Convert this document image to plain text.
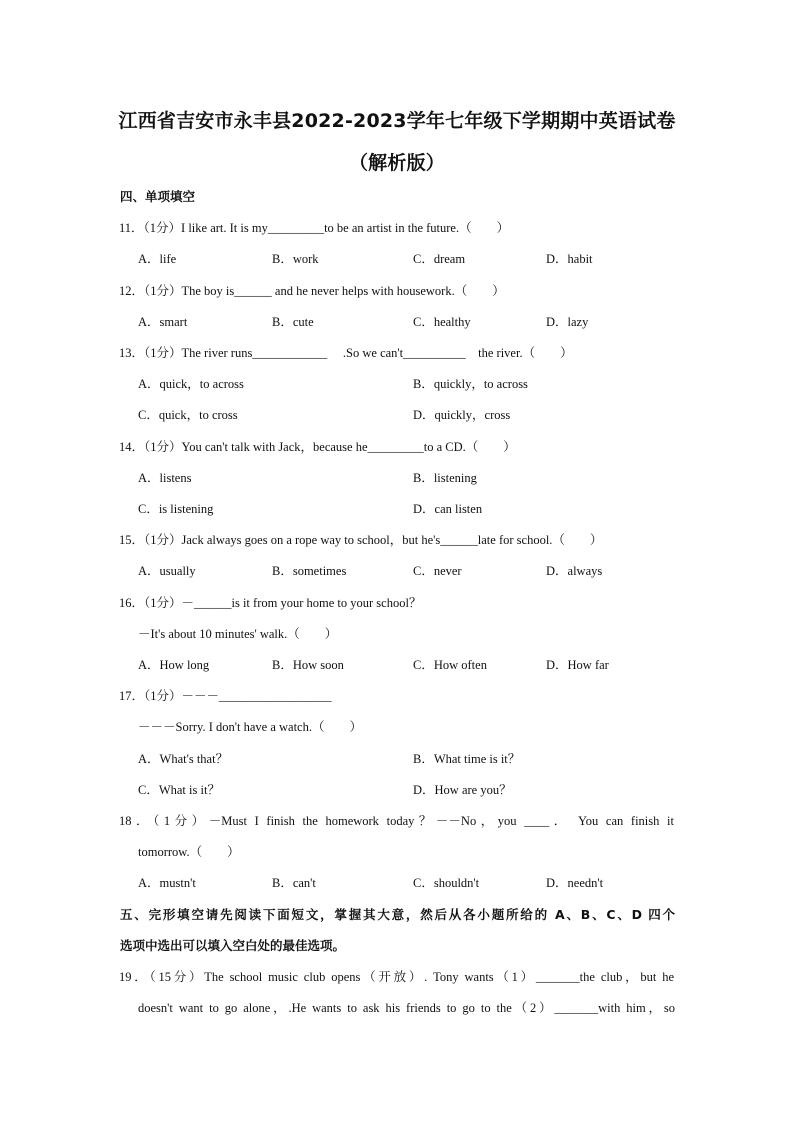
江西省吉安市永丰县2022-2023学年七年级下学期期中英语试卷
（解析版）
四、单项填空
11．（1分）I like art. It is my_________to be an artist in the future.（　　）
A．life	B．work	C．dream	D．habit
12．（1分）The boy is______ and he never helps with housework.（　　）
A．smart	B．cute	C．healthy	D．lazy
13．（1分）The river runs____________　 .So we can't__________　the river.（　　）
A．quick，to across	B．quickly，to across
C．quick，to cross	D．quickly，cross
14．（1分）You can't talk with Jack，because he_________to a CD.（　　）
A．listens	B．listening
C．is listening	D．can listen
15．（1分）Jack always goes on a rope way to school，but he's______late for school.（　　）
A．usually	B．sometimes	C．never	D．always
16．（1分）－______is it from your home to your school？
－It's about 10 minutes' walk.（　　）
A．How long	B．How soon	C．How often	D．How far
17．（1分）－－－__________________
－－－Sorry. I don't have a watch.（　　）
A．What's that？	B．What time is it？
C．What is it？	D．How are you？
18．（1分）－Must I finish the homework today？－－No，you ____． You can finish it
tomorrow.（　　）
A．mustn't	B．can't	C．shouldn't	D．needn't
五、完形填空请先阅读下面短文，掌握其大意，然后从各小题所给的 A、B、C、D 四个
选项中选出可以填入空白处的最佳选项。
19．（15分）The school music club opens（开放）. Tony wants（1）_______the club，but he
doesn't want to go alone，.He wants to ask his friends to go to the（2）_______with him，so
